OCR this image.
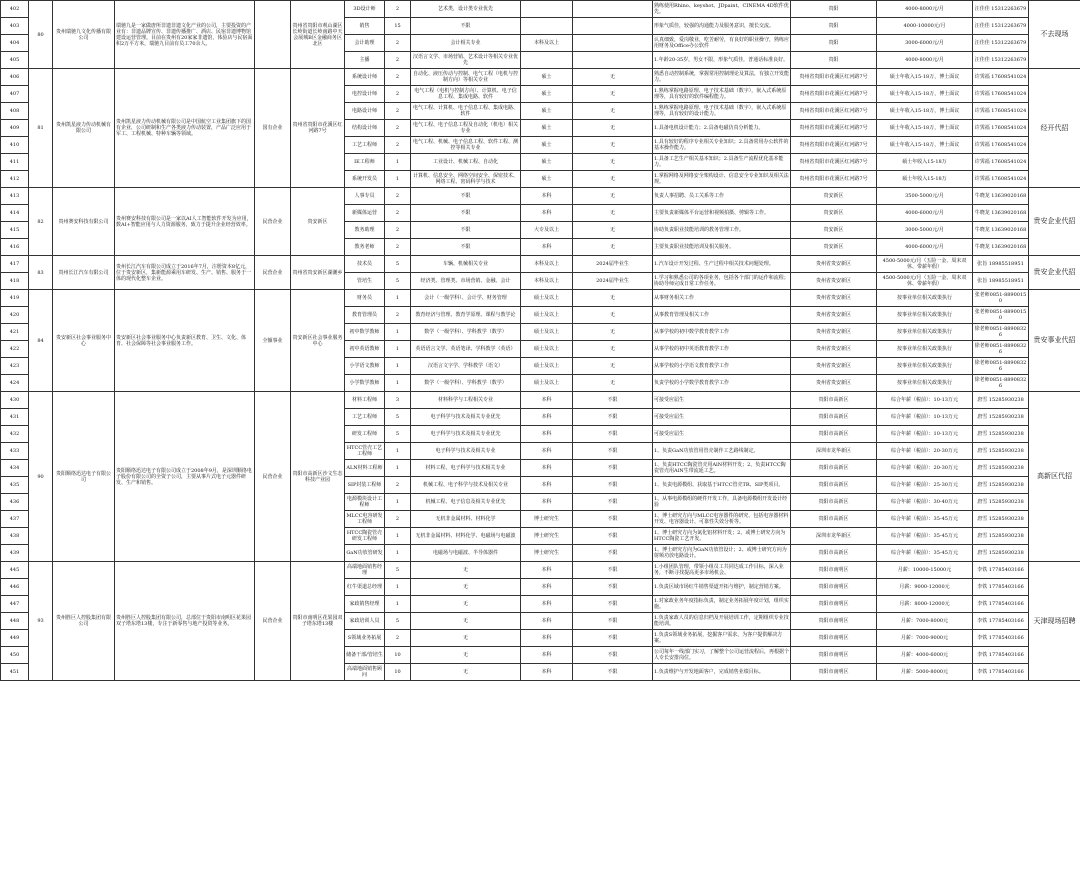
402	80	贵州瑞驰九文化传播有限公司	瑞驰九是一家做唐所非遗非遗文化产业的公司，主要投资的产业有：非遗品牌宣传、非遗传播推广、酒店、民宿非遗博物馆建设运营管理。目前在贵州有20家家非遗馆，体验店与民宿面积2万平方米，瑞驰九目前有员工70余人。		贵州省贵阳市观山湖区长岭街道长岭南路中天会展城B区金融商务区北区	3D设计师	2	艺术类，设计类专业优先			熟练使用Rhino、keyshot、JDpaint、CINEMA 4D软件优先。	贵阳	4000-8000元/月	汪佳佳 15312263679	不去现场
403						销售	15	不限			形象气质佳，较强的沟通能力及服务意识，擅长交流。	贵阳	4000-10000元/月	汪佳佳 15312263679	
404						会计助理	2	会计相关专业	本科及以上		认真细致，爱岗敬业，吃苦耐劳，有良好的职业操守，熟练应用财务及Office办公软件	贵阳	3000-6000元/月	汪佳佳 15312263679	
405						主播	2	汉语言文学、市场营销、艺术设计等相关专业优先			1.年龄20-35岁，男女不限，形象气质佳，普通话标准良好。	贵阳	4000-8000元/月	汪佳佳 15312263679	
406	81	贵州凯星液力传动机械有限公司	贵州凯星液力传动机械有限公司是中国航空工业集团旗下的国有企业，公司研制和生产各类液力传动装置，产品广泛应用于军工、工程机械、特种车辆等领域。	国有企业	贵州省贵阳市花溪区红河路7号	系统设计师	2	自动化、液压传动与控制、电气工程（电机与控制方向）等相关专业	硕士	无	熟悉自动控制系统，掌握常用控制理论及算法，有独立开发能力。	贵州省贵阳市花溪区红河路7号	硕士年收入15-18万，博士面议	许霁福 17608541024	经开代招
407						电控设计师	2	电气工程（电机与控制方向）、计算机、电子信息工程、集成电路、软件	硕士	无	1.熟练掌握电路原理、电子技术基础（数字），嵌入式系统原理等，具有较好的软件编程能力。	贵州省贵阳市花溪区红河路7号	硕士年收入15-18万，博士面议	许霁福 17608541024	
408						电路设计师	2	电气工程、计算机、电子信息工程、集成电路、软件	硕士	无	1.熟练掌握电路原理、电子技术基础（数字），嵌入式系统原理等，具有较好的设计能力。	贵州省贵阳市花溪区红河路7号	硕士年收入15-18万，博士面议	许霁福 17608541024	
409						结构设计师	2	电气工程、电子信息工程及自动化（机电）相关专业	硕士	无	1.具备电机设计能力；2.具备电磁仿真分析能力。	贵州省贵阳市花溪区红河路7号	硕士年收入15-18万，博士面议	许霁福 17608541024	
410						工艺工程师	2	电气工程、机械、电子信息工程、软件工程、测控等相关专业	硕士	无	1.具有较好的程序专业相关专业知识；2.具备常用办公软件的基本操作能力。	贵州省贵阳市花溪区红河路7号	硕士年收入15-18万，博士面议	许霁福 17608541024	
411						IE工程师	1	工业设计、机械工程、自动化	硕士	无	1.具备工艺生产相关基本知识；2.具备生产流程优化基本能力。	贵州省贵阳市花溪区红河路7号	硕士年收入15-18万	许霁福 17608541024	
412						系统开发员	1	计算机、信息安全、网络空间安全、保密技术、网络工程、密码科学与技术	硕士	无	1.掌握网络及网络安全架构设计、信息安全专业知识及相关法规。	贵州省贵阳市花溪区红河路7号	硕士年收入15-18万	许霁福 17608541024	
413	82	贵州赛安科技有限公司	贵州赛安科技有限公司是一家以AI人工智能软件开发为应用，数AI+智能应用与人力资源服务，致力于提升企业经营效率。	民营企业	贵安新区	人事专员	2	不限	本科	无	负责人事招聘、员工关系等工作	贵安新区	3500-5000元/月	牛晓龙 13639020168	贵安企业代招
414						新媒体运营	2	不限	本科	无	主要负责新媒体平台运营和视频拍摄、剪辑等工作。	贵安新区	4000-6000元/月	牛晓龙 13639020168	
415						教务助理	2	不限	大专及以上	无	协助负责职业技能培训的教务管理工作。	贵安新区	3000-5000元/月	牛晓龙 13639020168	
416						教务老师	2	不限	本科	无	主要负责职业技能培训及相关服务。	贵安新区	4000-6000元/月	牛晓龙 13639020168	
417	83	贵州长江汽车有限公司	贵州长江汽车有限公司成立于2016年7月，注册资本8亿元，位于贵安新区，集新能源乘用车研发、生产、销售、服务于一体的现代化整车企业。	民营企业	贵州省贵安新区湖潮乡	技术员	5	车辆、机械相关专业	本科及以上	2024届毕业生	1.汽车设计开发过程、生产过程中相关技术问题处理。	贵州省贵安新区	4500-5000元/月（五险一金、周末双休、带薪年假）	张旨 18985518951	贵安企业代招
418						管培生	5	经济类、管理类、市场营销、金融、会计	本科及以上	2024届毕业生	1.学习和熟悉公司的各项业务，包括各个部门的运作和流程；协助导师完成日常工作任务。	贵州省贵安新区	4500-5000元/月（五险一金、周末双休、带薪年假）	张旨 18985518951	
419	84	贵安新区社会事业服务中心	贵安新区社会事业服务中心负责新区教育、卫生、文化、体育、社会保障等社会事业服务工作。	全额事业	贵安新区社会事业服务中心	财务员	1	会计（一级学科）、会计学、财务管理	硕士及以上	无	从事财务相关工作	贵州省贵安新区	按事业单位相关政策执行	张老师0851-88900150	贵安事业代招
420						教育管理员	2	教育经济与管理、教育学原理、课程与教学论	硕士及以上	无	从事教育管理及相关工作	贵州省贵安新区	按事业单位相关政策执行	张老师0851-88900150	
421						初中数学教师	1	数学（一级学科）、学科教学（数学）	硕士及以上	无	从事学校的初中数学教育教学工作	贵州省贵安新区	按事业单位相关政策执行	徐老师0851-88908326	
422						初中英语教师	1	英语语言文学、英语笔译、学科教学（英语）	硕士及以上	无	从事学校的初中英语教育教学工作	贵州省贵安新区	按事业单位相关政策执行	徐老师0851-88908326	
423						小学语文教师	1	汉语言文字学、学科教学（语文）	硕士及以上	无	从事学校的小学语文教育教学工作	贵州省贵安新区	按事业单位相关政策执行	徐老师0851-88908326	
424						小学数学教师	1	数学（一级学科）、学科教学（数学）	硕士及以上	无	负责学校的小学数学教育教学工作	贵州省贵安新区	按事业单位相关政策执行	徐老师0851-88908326	
430	90	贵阳顺络迅达电子有限公司	贵阳顺络迅达电子有限公司成立于2008年9月，是深圳顺络电子股份有限公司的全资子公司，主要从事片式电子元器件研发、生产和销售。	民营企业	贵阳市高新区沙文生态科技产业园	材料工程师	3	材料科学与工程相关专业	本科	不限	可接受应届生	贵阳市高新区	综合年薪（税前）：10-13万元	唐雪 15285930238	高新区代招
431						工艺工程师	5	电子科学与技术及相关专业优先	本科	不限	可接受应届生	贵阳市高新区	综合年薪（税前）：10-13万元	唐雪 15285930238	
432						研发工程师	5	电子科学与技术及相关专业优先	本科	不限	可接受应届生	贵阳市高新区	综合年薪（税前）：10-13万元	唐雪 15285930238	
433						HTCC管壳工艺工程师	1	电子科学与技术及相关专业	本科	不限	1、负责GaN功放管用管壳制作工艺路线制定。	深圳市龙华新区	综合年薪（税前）：20-30万元	唐雪 15285930238	
434						ALN材料工程师	1	材料工程、电子科学与技术相关专业	本科	不限	1、负责HTCC陶瓷管壳用AlN材料开发；2、负责HTCC陶瓷管壳用AlN生带流延工艺。	贵阳市高新区	综合年薪（税前）：20-30万元	唐雪 15285930238	
435						SIP封装工程师	2	机械工程、电子科学与技术及相关专业	本科	不限	1、负责电源模组、获取基于HTCC管壳TR、SIP类项目。	贵阳市高新区	综合年薪（税前）：25-30万元	唐雪 15285930238	
436						电源模块设计工程师	1	机械工程、电子信息及相关专业优先	本科	不限	1、从事电源模组的硬件开发工作，具备电源模组开发设计经验	贵阳市高新区	综合年薪（税前）：30-40万元	唐雪 15285930238	
437						MLCC电容研发工程师	2	无机非金属材料、材料化学	博士研究生	不限	1、博士研究方向与MLCC电容器件的研究、包括电容器材料开发、电容器设计、可靠性失效分析等。	贵阳市高新区	综合年薪（税前）：35-45万元	唐雪 15285930238	
438						HTCC陶瓷管壳研发工程师	1	无机非金属材料、材料化学、电磁场与电磁波	博士研究生	不限	1、博士研究方向为氮化铝材料开发；2、或博士研究方向为HTCC陶瓷工艺开发。	深圳市龙华新区	综合年薪（税前）：35-45万元	唐雪 15285930238	
439						GaN功放管研发	1	电磁场与电磁波、半导体器件	博士研究生	不限	1、博士研究方向为GaN功放管设计；2、或博士研究方向为射频功放电路设计。	贵阳市高新区	综合年薪（税前）：35-45万元	唐雪 15285930238	
445	93	贵州胜巨人控股集团有限公司	贵州胜巨人控股集团有限公司，总部位于贵阳市南明区花果园双子塔东塔13楼，专注于新零售与地产投资等业务。	民营企业	贵阳市南明区花果园双子塔东塔13楼	高端地面销售经理	5	无	本科	不限	1.小组团队管理，带领小组员工共同达成工作目标，深入业务，不断寻找提高更多市场机会。	贵阳市南明区	月薪：10000-15000元	李铁 17785403166	天津现场招聘
446						红牛渠道总经理	1	无	本科	不限	1.负责区域市场红牛销售渠道开拓与维护，制定营销方案。	贵阳市南明区	月薪：9000-12000元	李铁 17785403166	
447						家政销售经理	1	无	本科	不限	1.对家政业务年度指标负责，制定业务拓展年度计划，组织实施。	贵阳市南明区	月薪：8000-12000元	李铁 17785403166	
448						家政培训人员	5	无	本科	不限	1.负责家政人员的信息归档及开展培训工作，定期组织专业技能培训。	贵阳市南明区	月薪：7000-8000元	李铁 17785403166	
449						S领域业务拓展	2	无	本科	不限	1.负责S领域业务拓展，挖掘客户需求，为客户提供解决方案。	贵阳市南明区	月薪：7000-9000元	李铁 17785403166	
450						储备干部/管培生	10	无	本科	不限	公司每年一线部门实习，了解整个公司运营流程后，再根据个人专长安排岗位。	贵阳市南明区	月薪：4000-6000元	李铁 17785403166	
451						高端地面销售顾问	10	无	本科	不限	1.负责维护与开发地面客户，完成销售业绩目标。	贵阳市南明区	月薪：5000-8000元	李铁 17785403166	
